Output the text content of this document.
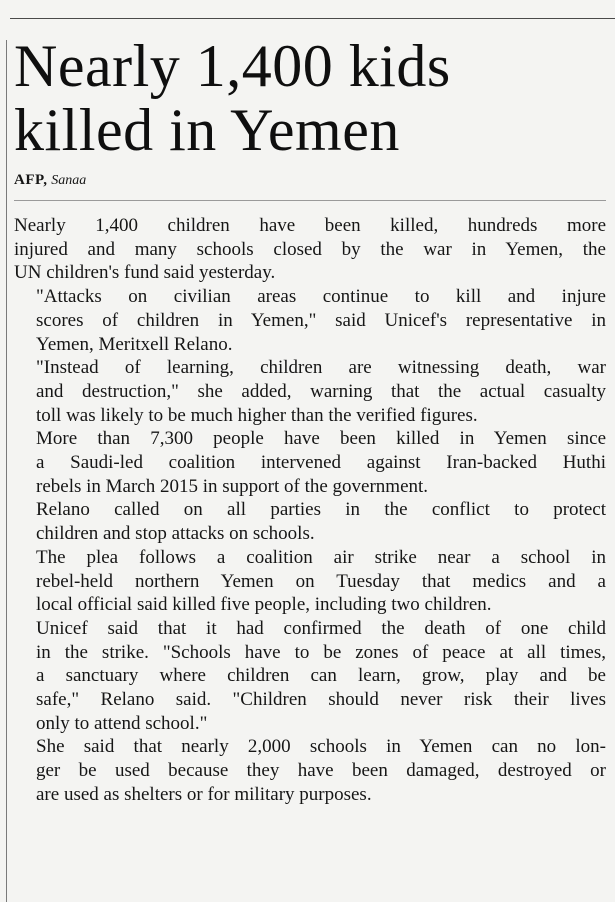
Nearly 1,400 kids
killed in Yemen
AFP, Sanaa

Nearly 1,400 children have been killed, hundreds more
injured and many schools closed by the war in Yemen, the
UN children's fund said yesterday.

"Attacks on civilian areas continue to kill and injure
scores of children in Yemen," said Unicef's representative in
Yemen, Meritxell Relano.

"Instead of learning, children are witnessing death, war
and destruction," she added, warning that the actual casualty
toll was likely to be much higher than the verified figures.

More than 7,300 people have been killed in Yemen since
a Saudi-led coalition intervened against Iran-backed Huthi
rebels in March 2015 in support of the government.

Relano called on all parties in the conflict to protect
children and stop attacks on schools.

The plea follows a coalition air strike near a school in
rebel-held northern Yemen on Tuesday that medics and a
local official said killed five people, including two children.

Unicef said that it had confirmed the death of one child
in the strike. "Schools have to be zones of peace at all times,
a sanctuary where children can learn, grow, play and be
safe," Relano said. "Children should never risk their lives
only to attend school."

She said that nearly 2,000 schools in Yemen can no lon-
ger be used because they have been damaged, destroyed or
are used as shelters or for military purposes.
